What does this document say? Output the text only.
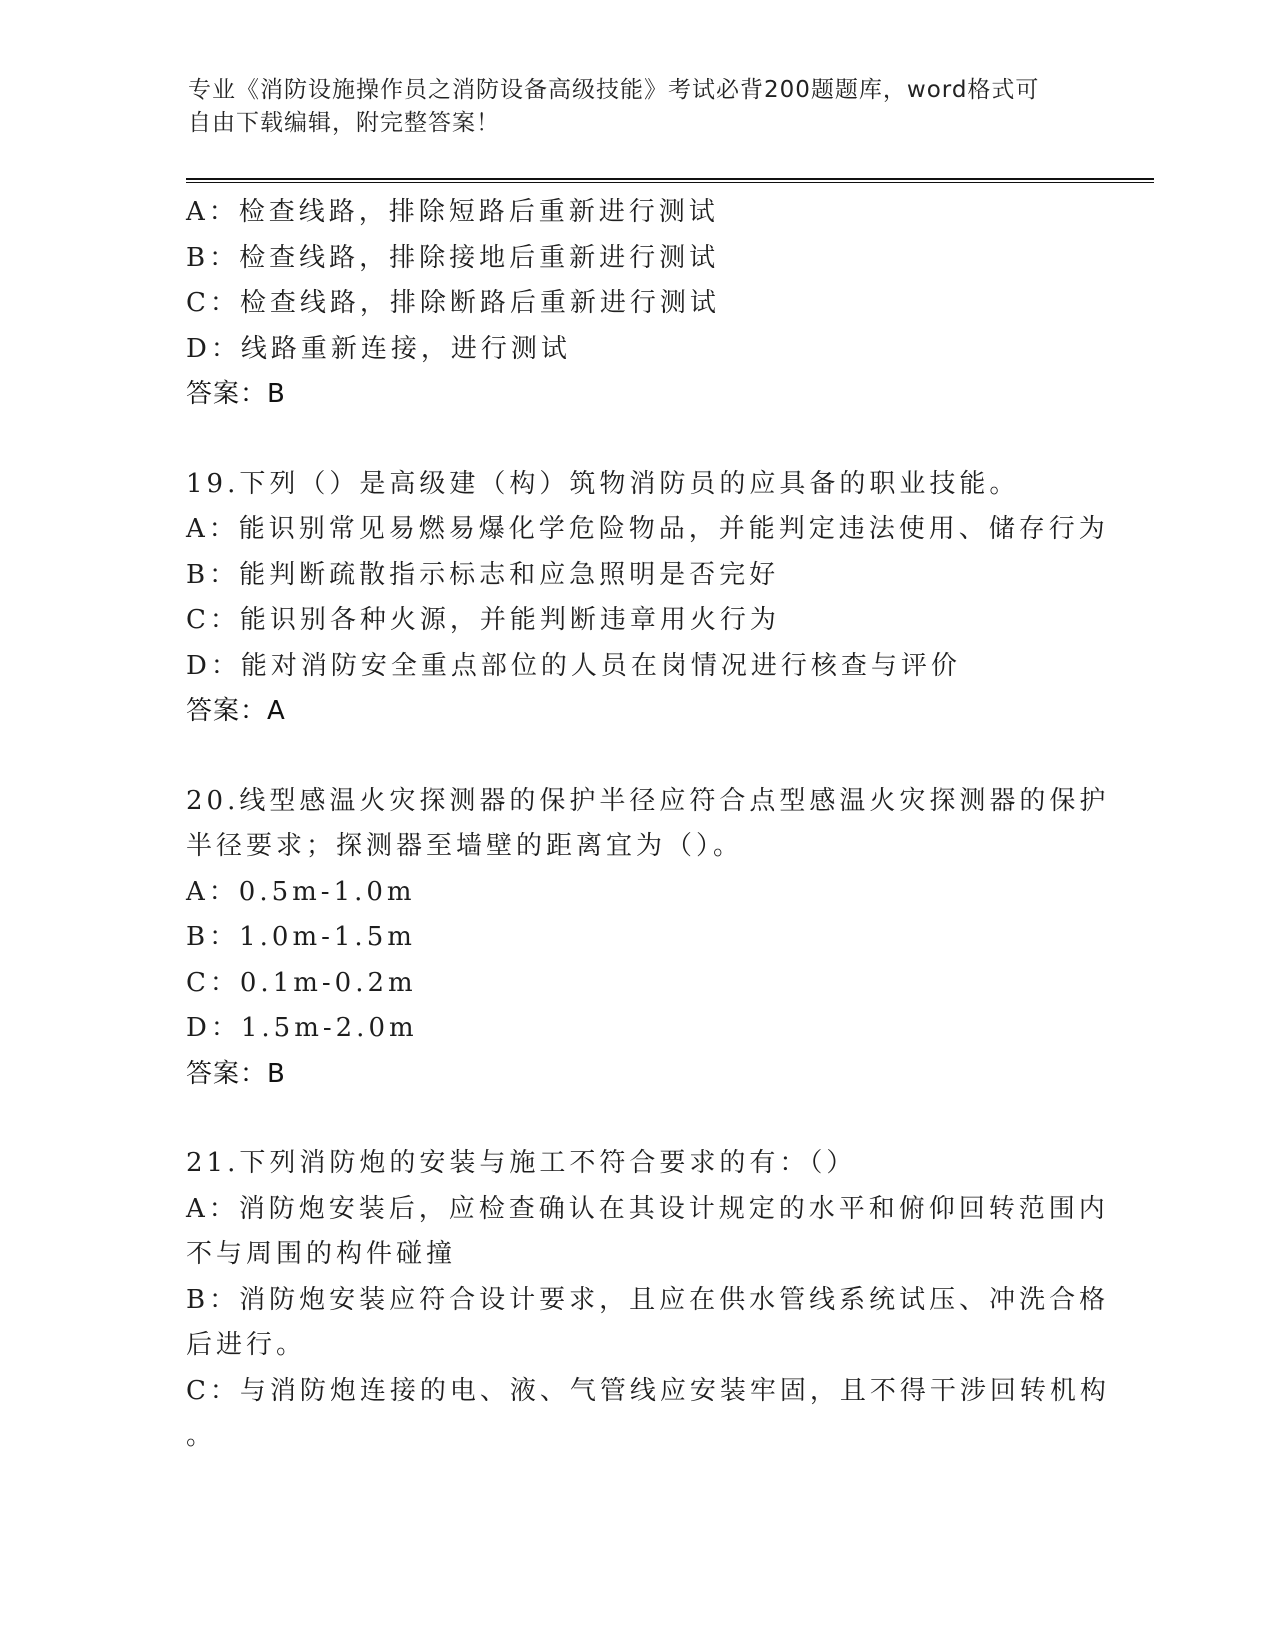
专业《消防设施操作员之消防设备高级技能》考试必背200题题库，word格式可
自由下载编辑，附完整答案！
A：检查线路，排除短路后重新进行测试
B：检查线路，排除接地后重新进行测试
C：检查线路，排除断路后重新进行测试
D：线路重新连接，进行测试
答案：B
19.下列（）是高级建（构）筑物消防员的应具备的职业技能。
A：能识别常见易燃易爆化学危险物品，并能判定违法使用、储存行为
B：能判断疏散指示标志和应急照明是否完好
C：能识别各种火源，并能判断违章用火行为
D：能对消防安全重点部位的人员在岗情况进行核查与评价
答案：A
20.线型感温火灾探测器的保护半径应符合点型感温火灾探测器的保护
半径要求；探测器至墙壁的距离宜为（）。
A：0.5m-1.0m
B：1.0m-1.5m
C：0.1m-0.2m
D：1.5m-2.0m
答案：B
21.下列消防炮的安装与施工不符合要求的有：（）
A：消防炮安装后，应检查确认在其设计规定的水平和俯仰回转范围内
不与周围的构件碰撞
B：消防炮安装应符合设计要求，且应在供水管线系统试压、冲洗合格
后进行。
C：与消防炮连接的电、液、气管线应安装牢固，且不得干涉回转机构
。
